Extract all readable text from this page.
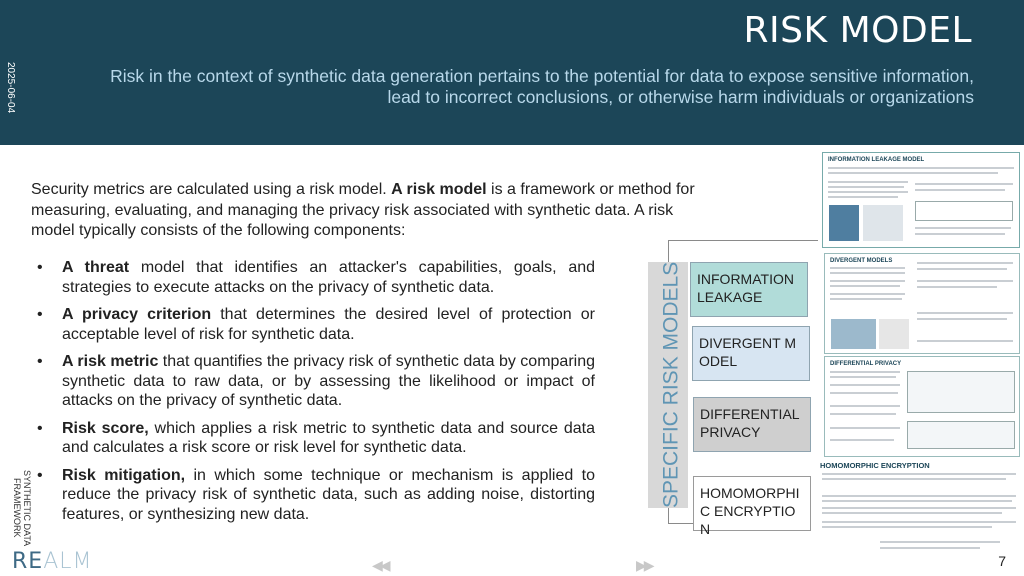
RISK MODEL
Risk in the context of synthetic data generation pertains to the potential for data to expose sensitive information, lead to incorrect conclusions, or otherwise harm individuals or organizations
2025-06-04

Security metrics are calculated using a risk model. A risk model is a framework or method for measuring, evaluating, and managing the privacy risk associated with synthetic data. A risk model typically consists of the following components:

• A threat model that identifies an attacker's capabilities, goals, and strategies to execute attacks on the privacy of synthetic data.
• A privacy criterion that determines the desired level of protection or acceptable level of risk for synthetic data.
• A risk metric that quantifies the privacy risk of synthetic data by comparing synthetic data to raw data, or by assessing the likelihood or impact of attacks on the privacy of synthetic data.
• Risk score, which applies a risk metric to synthetic data and source data and calculates a risk score or risk level for synthetic data.
• Risk mitigation, in which some technique or mechanism is applied to reduce the privacy risk of synthetic data, such as adding noise, distorting features, or synthesizing new data.
SPECIFIC RISK MODELS	INFORMATION LEAKAGE
DIVERGENT MODEL
DIFFERENTIAL PRIVACY
HOMOMORPHIC ENCRYPTION
INFORMATION LEAKAGE MODEL
DIVERGENT MODELS
DIFFERENTIAL PRIVACY
HOMOMORPHIC ENCRYPTION
SYNTHETIC DATA FRAMEWORK
REALM	◀◀	▶▶	7
